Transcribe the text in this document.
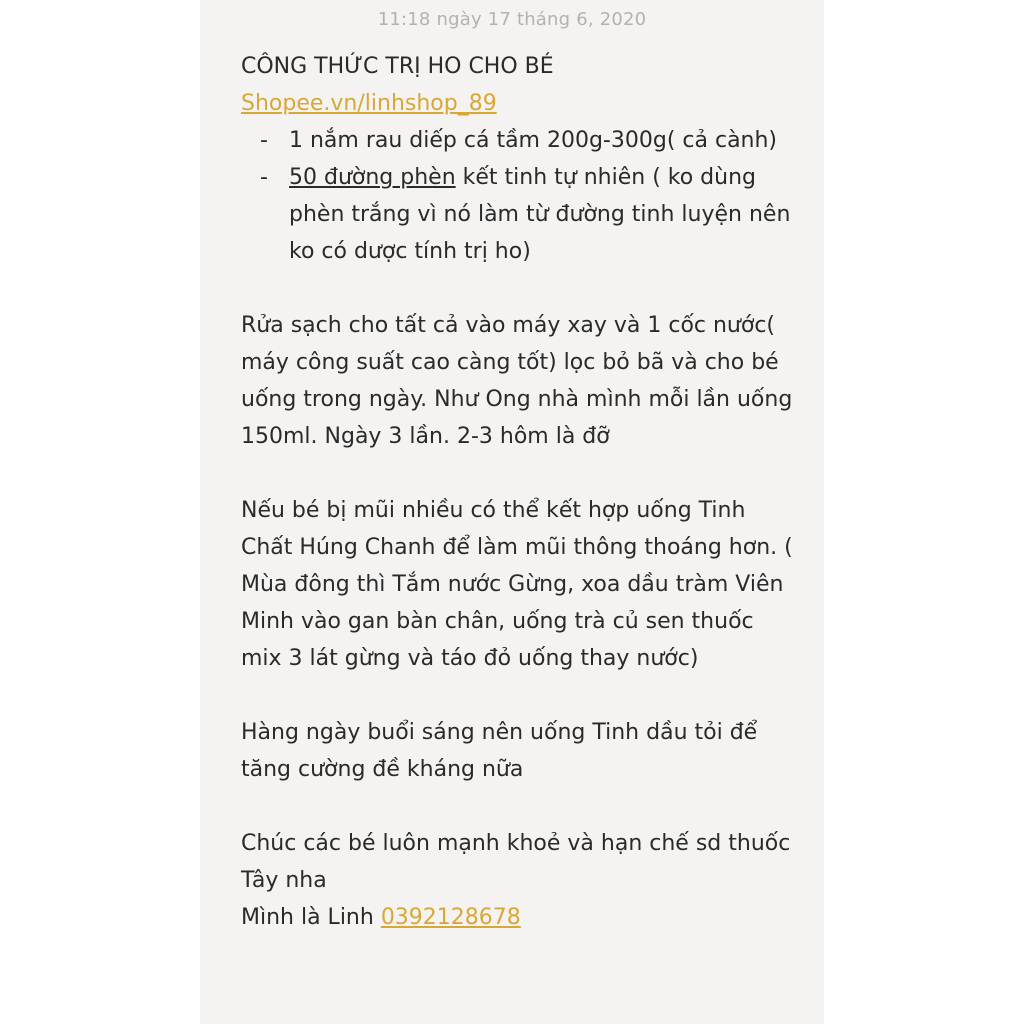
11:18 ngày 17 tháng 6, 2020
CÔNG THỨC TRỊ HO CHO BÉ
Shopee.vn/linhshop_89
- 1 nắm rau diếp cá tầm 200g-300g( cả cành)
- 50 đường phèn kết tinh tự nhiên ( ko dùng phèn trắng vì nó làm từ đường tinh luyện nên ko có dược tính trị ho)

Rửa sạch cho tất cả vào máy xay và 1 cốc nước( máy công suất cao càng tốt) lọc bỏ bã và cho bé uống trong ngày. Như Ong nhà mình mỗi lần uống 150ml. Ngày 3 lần. 2-3 hôm là đỡ

Nếu bé bị mũi nhiều có thể kết hợp uống Tinh Chất Húng Chanh để làm mũi thông thoáng hơn. ( Mùa đông thì Tắm nước Gừng, xoa dầu tràm Viên Minh vào gan bàn chân, uống trà củ sen thuốc mix 3 lát gừng và táo đỏ uống thay nước)

Hàng ngày buổi sáng nên uống Tinh dầu tỏi để tăng cường đề kháng nữa

Chúc các bé luôn mạnh khoẻ và hạn chế sd thuốc Tây nha

Mình là Linh 0392128678
